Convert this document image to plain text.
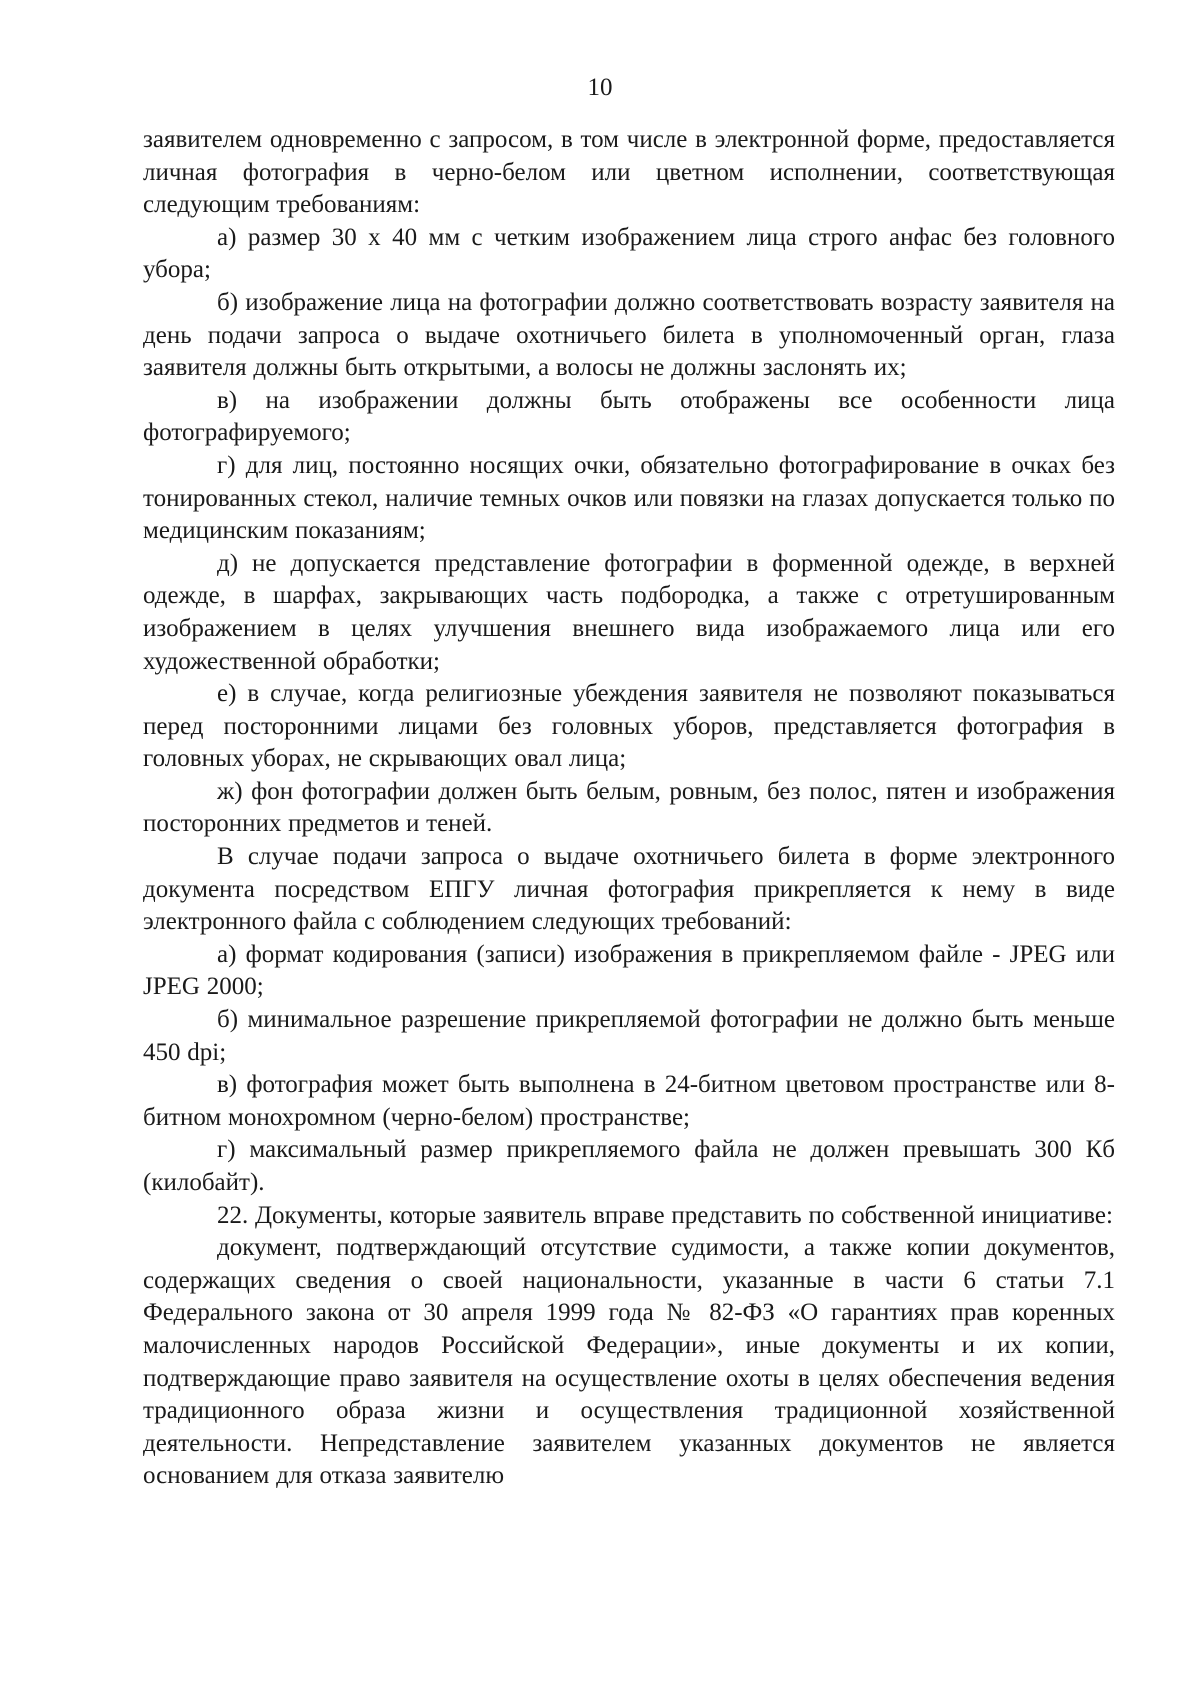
10

заявителем одновременно с запросом, в том числе в электронной форме, предоставляется личная фотография в черно-белом или цветном исполнении, соответствующая следующим требованиям:

а) размер 30 х 40 мм с четким изображением лица строго анфас без головного убора;

б) изображение лица на фотографии должно соответствовать возрасту заявителя на день подачи запроса о выдаче охотничьего билета в уполномоченный орган, глаза заявителя должны быть открытыми, а волосы не должны заслонять их;

в) на изображении должны быть отображены все особенности лица фотографируемого;

г) для лиц, постоянно носящих очки, обязательно фотографирование в очках без тонированных стекол, наличие темных очков или повязки на глазах допускается только по медицинским показаниям;

д) не допускается представление фотографии в форменной одежде, в верхней одежде, в шарфах, закрывающих часть подбородка, а также с отретушированным изображением в целях улучшения внешнего вида изображаемого лица или его художественной обработки;

е) в случае, когда религиозные убеждения заявителя не позволяют показываться перед посторонними лицами без головных уборов, представляется фотография в головных уборах, не скрывающих овал лица;

ж) фон фотографии должен быть белым, ровным, без полос, пятен и изображения посторонних предметов и теней.

В случае подачи запроса о выдаче охотничьего билета в форме электронного документа посредством ЕПГУ личная фотография прикрепляется к нему в виде электронного файла с соблюдением следующих требований:

а) формат кодирования (записи) изображения в прикрепляемом файле - JPEG или JPEG 2000;

б) минимальное разрешение прикрепляемой фотографии не должно быть меньше 450 dpi;

в) фотография может быть выполнена в 24-битном цветовом пространстве или 8-битном монохромном (черно-белом) пространстве;

г) максимальный размер прикрепляемого файла не должен превышать 300 Кб (килобайт).

22. Документы, которые заявитель вправе представить по собственной инициативе:

документ, подтверждающий отсутствие судимости, а также копии документов, содержащих сведения о своей национальности, указанные в части 6 статьи 7.1 Федерального закона от 30 апреля 1999 года № 82-ФЗ «О гарантиях прав коренных малочисленных народов Российской Федерации», иные документы и их копии, подтверждающие право заявителя на осуществление охоты в целях обеспечения ведения традиционного образа жизни и осуществления традиционной хозяйственной деятельности. Непредставление заявителем указанных документов не является основанием для отказа заявителю
